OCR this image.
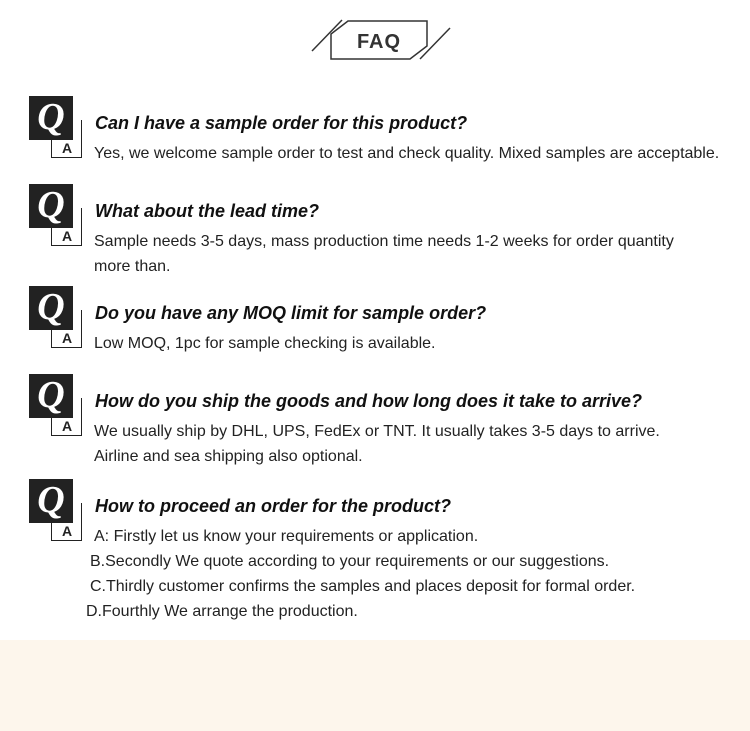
FAQ
Q
A
Can I have a sample order for this product?
Yes, we welcome sample order to test and check quality. Mixed samples are acceptable.
Q
A
What about the lead time?
Sample needs 3-5 days, mass production time needs 1-2 weeks for order quantity
more than.
Q
A
Do you have any MOQ limit for sample order?
Low MOQ, 1pc for sample checking is available.
Q
A
How do you ship the goods and how long does it take to arrive?
We usually ship by DHL, UPS, FedEx or TNT. It usually takes 3-5 days to arrive.
Airline and sea shipping also optional.
Q
A
How to proceed an order for the product?
A: Firstly let us know your requirements or application.
B.Secondly We quote according to your requirements or our suggestions.
C.Thirdly customer confirms the samples and places deposit for formal order.
D.Fourthly We arrange the production.
